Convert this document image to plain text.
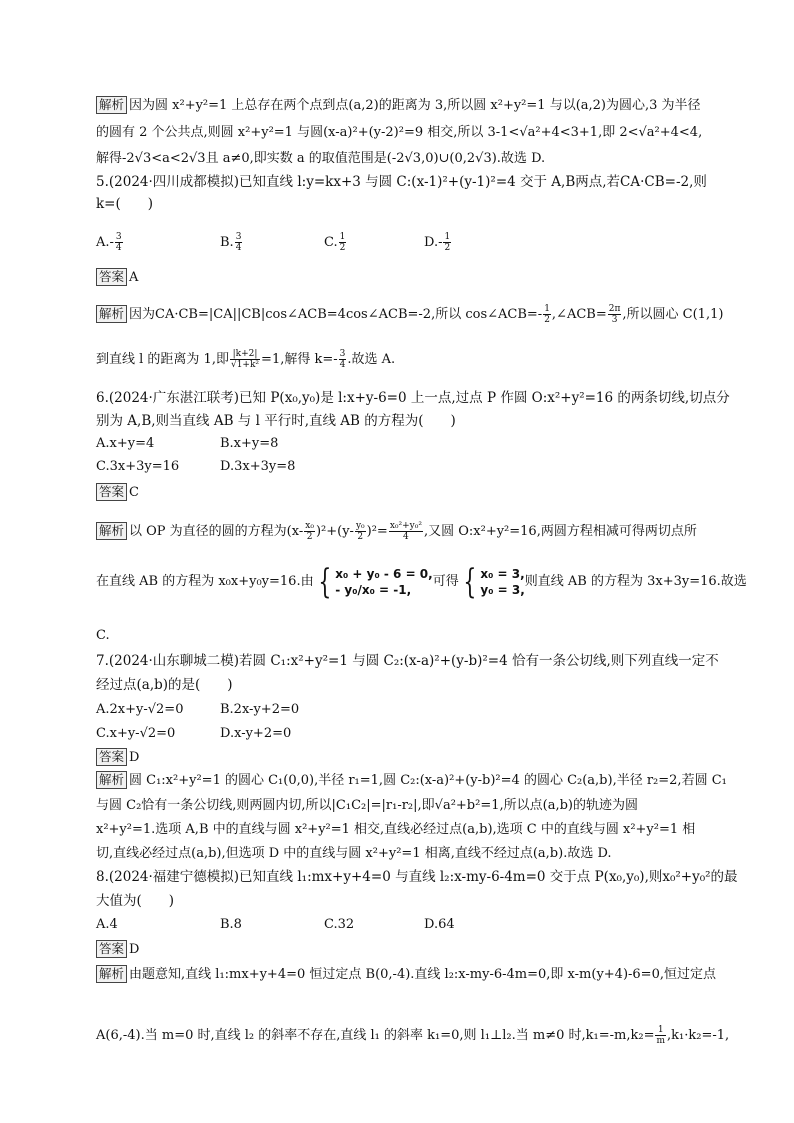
解析 因为圆 x²+y²=1 上总存在两个点到点(a,2)的距离为 3,所以圆 x²+y²=1 与以(a,2)为圆心,3 为半径
的圆有 2 个公共点,则圆 x²+y²=1 与圆(x-a)²+(y-2)²=9 相交,所以 3-1<√a²+4<3+1,即 2<√a²+4<4,
解得-2√3<a<2√3且 a≠0,即实数 a 的取值范围是(-2√3,0)∪(0,2√3).故选 D.
5.(2024·四川成都模拟)已知直线 l:y=kx+3 与圆 C:(x-1)²+(y-1)²=4 交于 A,B两点,若CA·CB=-2,则
k=(　　)
$A.- \frac{3}{4}$	B. $\frac{3}{4}$	C. $\frac{1}{2}$	$D.- \frac{1}{2}$
答案 A
解析 因为CA·CB=|CA||CB|cos∠ACB=4cos∠ACB=-2,所以 cos∠ACB=- $\frac{1}{2}$ ,∠ACB= $\frac{2\pi}{3}$ ,所以圆心 C(1,1)
到直线 l 的距离为 1,即 $\frac{|k+2|}{\text{√1+k²}} =1$,解得 $k=- \frac{3}{4}$ .故选 A.
6.(2024·广东湛江联考)已知 P(x₀,y₀)是 l:x+y-6=0 上一点,过点 P 作圆 O:x²+y²=16 的两条切线,切点分
别为 A,B,则当直线 AB 与 l 平行时,直线 AB 的方程为(　　)
A.x+y=4	B.x+y=8
C.3x+3y=16	D.3x+3y=8
答案 C
解析 以 OP 为直径的圆的方程为$(x- \frac{\text{x₀}}{2} )^2+(y- \frac{\text{y₀}}{2} )^2= \frac{\text{x₀²+y₀²}}{4}$ ,又圆 O:x²+y²=16,两圆方程相减可得两切点所
在直线 AB 的方程为 x₀x+y₀y=16.由 { x₀ + y₀ - 6 = 0,
- y₀/x₀ = -1,
可得 { x₀ = 3,
y₀ = 3,
则直线 AB 的方程为 3x+3y=16.故选
C.
7.(2024·山东聊城二模)若圆 C₁:x²+y²=1 与圆 C₂:(x-a)²+(y-b)²=4 恰有一条公切线,则下列直线一定不
经过点(a,b)的是(　　)
A.2x+y-√2=0	B.2x-y+2=0
C.x+y-√2=0	D.x-y+2=0
答案 D
解析 圆 C₁:x²+y²=1 的圆心 C₁(0,0),半径 r₁=1,圆 C₂:(x-a)²+(y-b)²=4 的圆心 C₂(a,b),半径 r₂=2,若圆 C₁
与圆 C₂恰有一条公切线,则两圆内切,所以|C₁C₂|=|r₁-r₂|,即√a²+b²=1,所以点(a,b)的轨迹为圆
x²+y²=1.选项 A,B 中的直线与圆 x²+y²=1 相交,直线必经过点(a,b),选项 C 中的直线与圆 x²+y²=1 相
切,直线必经过点(a,b),但选项 D 中的直线与圆 x²+y²=1 相离,直线不经过点(a,b).故选 D.
8.(2024·福建宁德模拟)已知直线 l₁:mx+y+4=0 与直线 l₂:x-my-6-4m=0 交于点 P(x₀,y₀),则x₀²+y₀²的最
大值为(　　)
A.4	B.8	C.32	D.64
答案 D
解析 由题意知,直线 l₁:mx+y+4=0 恒过定点 B(0,-4).直线 l₂:x-my-6-4m=0,即 x-m(y+4)-6=0,恒过定点
A(6,-4).当 m=0 时,直线 l₂ 的斜率不存在,直线 l₁ 的斜率 k₁=0,则 l₁⊥l₂.当 m≠0 时$,k_1=-m,k_2= \frac{1}{m} ,k_1\cdot k_2=-1$,
